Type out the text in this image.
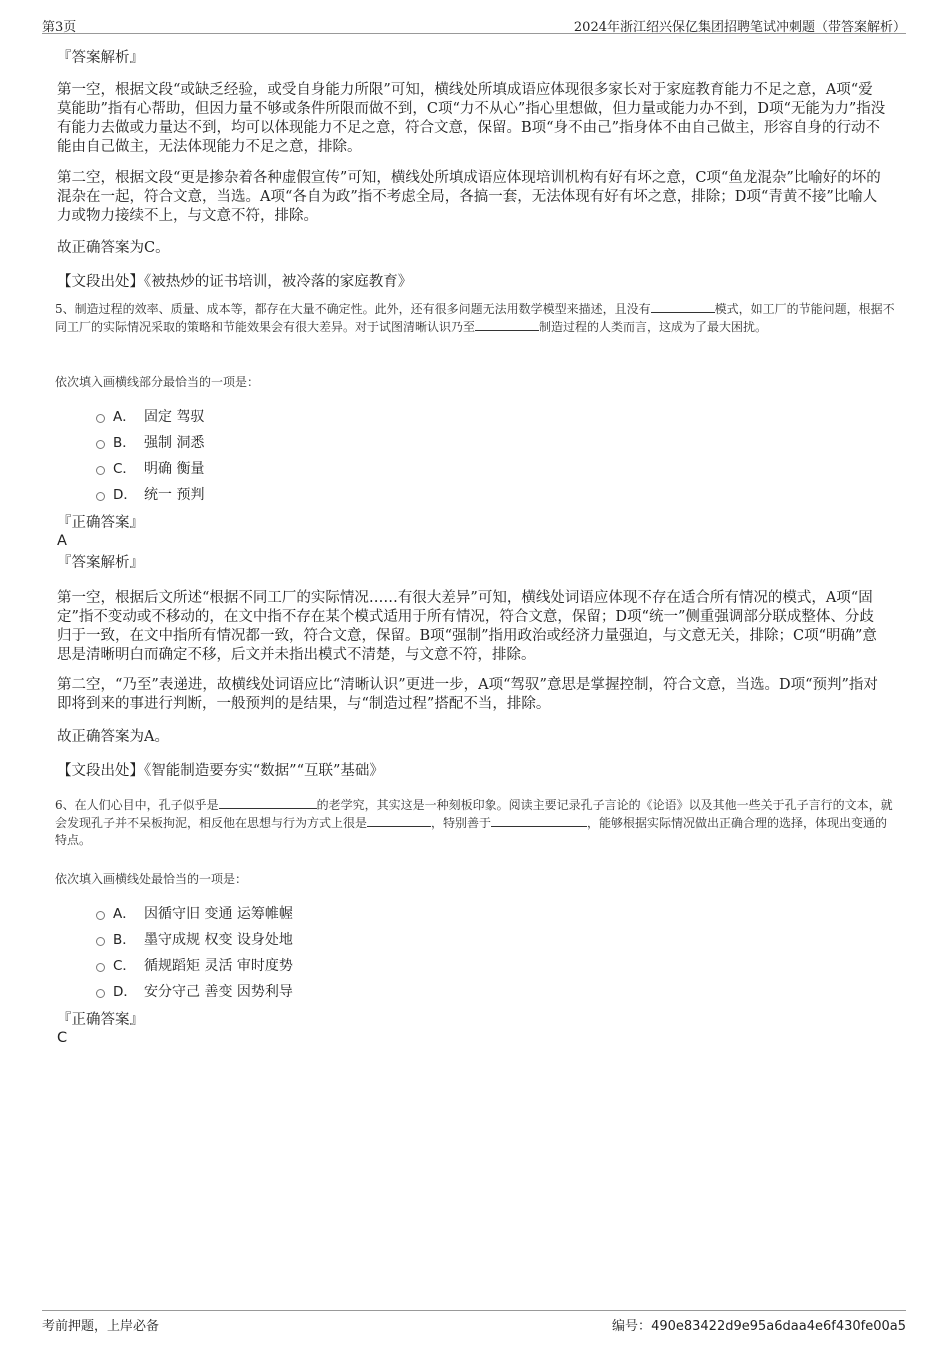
第3页	2024年浙江绍兴保亿集团招聘笔试冲刺题（带答案解析）
『答案解析』

第一空，根据文段“或缺乏经验，或受自身能力所限”可知，横线处所填成语应体现很多家长对于家庭教育能力不足之意，A项“爱莫能助”指有心帮助，但因力量不够或条件所限而做不到，C项“力不从心”指心里想做，但力量或能力办不到，D项“无能为力”指没有能力去做或力量达不到，均可以体现能力不足之意，符合文意，保留。B项“身不由己”指身体不由自己做主，形容自身的行动不能由自己做主，无法体现能力不足之意，排除。

第二空，根据文段“更是掺杂着各种虚假宣传”可知，横线处所填成语应体现培训机构有好有坏之意，C项“鱼龙混杂”比喻好的坏的混杂在一起，符合文意，当选。A项“各自为政”指不考虑全局，各搞一套，无法体现有好有坏之意，排除；D项“青黄不接”比喻人力或物力接续不上，与文意不符，排除。

故正确答案为C。
【文段出处】《被热炒的证书培训，被冷落的家庭教育》

5、制造过程的效率、质量、成本等，都存在大量不确定性。此外，还有很多问题无法用数学模型来描述，且没有	模式，如工厂的节能问题，根据不同工厂的实际情况采取的策略和节能效果会有很大差异。对于试图清晰认识乃至	制造过程的人类而言，这成为了最大困扰。

依次填入画横线部分最恰当的一项是：
A． 固定 驾驭
B． 强制 洞悉
C． 明确 衡量
D． 统一 预判
『正确答案』
A
『答案解析』

第一空，根据后文所述“根据不同工厂的实际情况……有很大差异”可知，横线处词语应体现不存在适合所有情况的模式，A项“固定”指不变动或不移动的，在文中指不存在某个模式适用于所有情况，符合文意，保留；D项“统一”侧重强调部分联成整体、分歧归于一致，在文中指所有情况都一致，符合文意，保留。B项“强制”指用政治或经济力量强迫，与文意无关，排除；C项“明确”意思是清晰明白而确定不移，后文并未指出模式不清楚，与文意不符，排除。

第二空，“乃至”表递进，故横线处词语应比“清晰认识”更进一步，A项“驾驭”意思是掌握控制，符合文意，当选。D项“预判”指对即将到来的事进行判断，一般预判的是结果，与“制造过程”搭配不当，排除。

故正确答案为A。
【文段出处】《智能制造要夯实“数据”“互联”基础》

6、在人们心目中，孔子似乎是	的老学究，其实这是一种刻板印象。阅读主要记录孔子言论的《论语》以及其他一些关于孔子言行的文本，就会发现孔子并不呆板拘泥，相反他在思想与行为方式上很是	，特别善于	，能够根据实际情况做出正确合理的选择，体现出变通的特点。

依次填入画横线处最恰当的一项是：
A． 因循守旧 变通 运筹帷幄
B． 墨守成规 权变 设身处地
C． 循规蹈矩 灵活 审时度势
D． 安分守己 善变 因势利导
『正确答案』
C
考前押题，上岸必备	编号：490e83422d9e95a6daa4e6f430fe00a5
